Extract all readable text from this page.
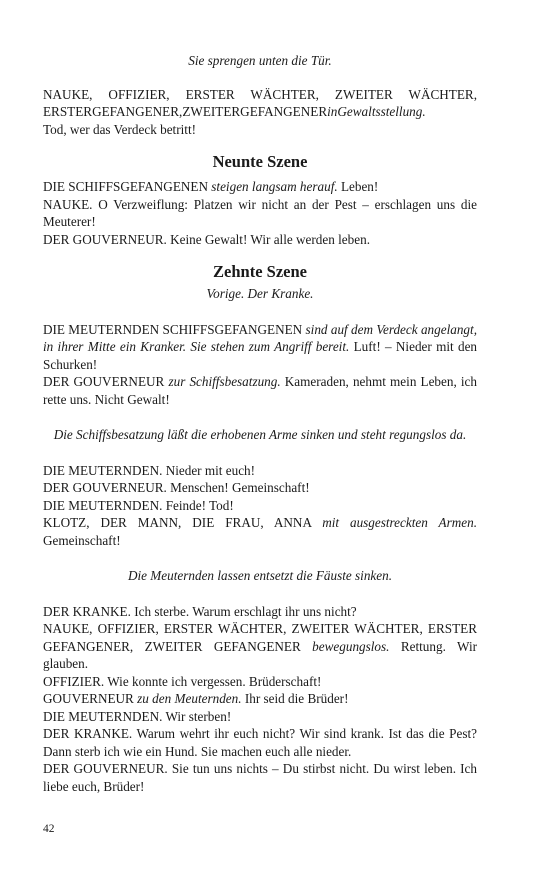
Sie sprengen unten die Tür.
NAUKE, OFFIZIER, ERSTER WÄCHTER, ZWEITER WÄCHTER, ERSTERGEFANGENER,ZWEITERGEFANGENERinGewaltsstellung.
Tod, wer das Verdeck betritt!
Neunte Szene
DIE SCHIFFSGEFANGENEN steigen langsam herauf. Leben!
NAUKE. O Verzweiflung: Platzen wir nicht an der Pest – erschlagen uns die Meuterer!
DER GOUVERNEUR. Keine Gewalt! Wir alle werden leben.
Zehnte Szene
Vorige. Der Kranke.
DIE MEUTERNDEN SCHIFFSGEFANGENEN sind auf dem Verdeck angelangt, in ihrer Mitte ein Kranker. Sie stehen zum Angriff bereit. Luft! – Nieder mit den Schurken!
DER GOUVERNEUR zur Schiffsbesatzung. Kameraden, nehmt mein Leben, ich rette uns. Nicht Gewalt!
Die Schiffsbesatzung läßt die erhobenen Arme sinken und steht regungslos da.
DIE MEUTERNDEN. Nieder mit euch!
DER GOUVERNEUR. Menschen! Gemeinschaft!
DIE MEUTERNDEN. Feinde! Tod!
KLOTZ, DER MANN, DIE FRAU, ANNA mit ausgestreckten Armen. Gemeinschaft!
Die Meuternden lassen entsetzt die Fäuste sinken.
DER KRANKE. Ich sterbe. Warum erschlagt ihr uns nicht?
NAUKE, OFFIZIER, ERSTER WÄCHTER, ZWEITER WÄCHTER, ERSTER GEFANGENER, ZWEITER GEFANGENER bewegungslos. Rettung. Wir glauben.
OFFIZIER. Wie konnte ich vergessen. Brüderschaft!
GOUVERNEUR zu den Meuternden. Ihr seid die Brüder!
DIE MEUTERNDEN. Wir sterben!
DER KRANKE. Warum wehrt ihr euch nicht? Wir sind krank. Ist das die Pest? Dann sterb ich wie ein Hund. Sie machen euch alle nieder.
DER GOUVERNEUR. Sie tun uns nichts – Du stirbst nicht. Du wirst leben. Ich liebe euch, Brüder!
42
